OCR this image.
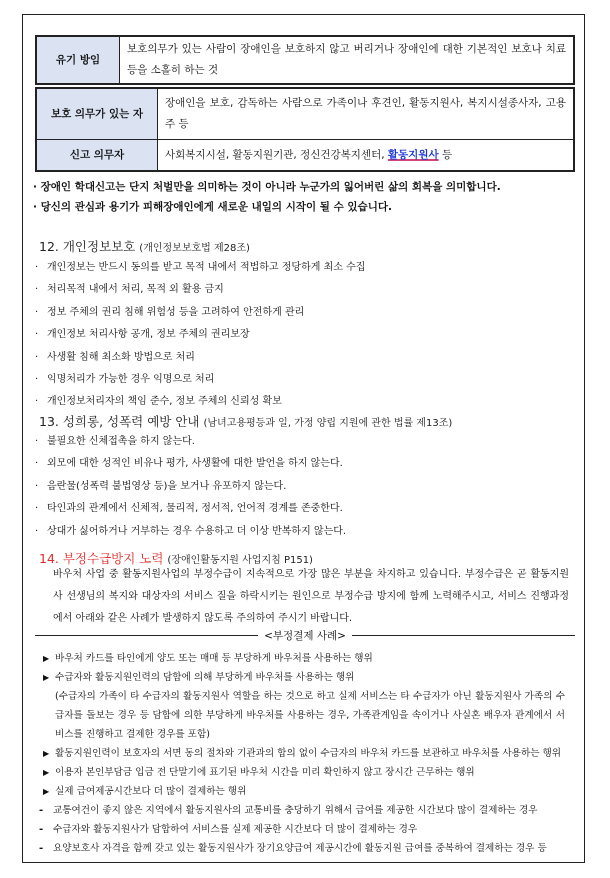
유기 방임	보호의무가 있는 사람이 장애인을 보호하지 않고 버리거나 장애인에 대한 기본적인 보호나 치료 등을 소홀히 하는 것
보호 의무가 있는 자	장애인을 보호, 감독하는 사람으로 가족이나 후견인, 활동지원사, 복지시설종사자, 고용주 등
신고 의무자	사회복지시설, 활동지원기관, 정신건강복지센터, 활동지원사 등
· 장애인 학대신고는 단지 처벌만을 의미하는 것이 아니라 누군가의 잃어버린 삶의 회복을 의미합니다.
· 당신의 관심과 용기가 피해장애인에게 새로운 내일의 시작이 될 수 있습니다.
12. 개인정보보호 (개인정보보호법 제28조)
· 개인정보는 반드시 동의를 받고 목적 내에서 적법하고 정당하게 최소 수집
· 처리목적 내에서 처리, 목적 외 활용 금지
· 정보 주체의 권리 침해 위험성 등을 고려하여 안전하게 관리
· 개인정보 처리사항 공개, 정보 주체의 권리보장
· 사생활 침해 최소화 방법으로 처리
· 익명처리가 가능한 경우 익명으로 처리
· 개인정보처리자의 책임 준수, 정보 주체의 신뢰성 확보
13. 성희롱, 성폭력 예방 안내 (남녀고용평등과 일, 가정 양립 지원에 관한 법률 제13조)
· 불필요한 신체접촉을 하지 않는다.
· 외모에 대한 성적인 비유나 평가, 사생활에 대한 발언을 하지 않는다.
· 음란물(성폭력 불법영상 등)을 보거나 유포하지 않는다.
· 타인과의 관계에서 신체적, 물리적, 정서적, 언어적 경계를 존중한다.
· 상대가 싫어하거나 거부하는 경우 수용하고 더 이상 반복하지 않는다.
14. 부정수급방지 노력 (장애인활동지원 사업지침 P151)
바우처 사업 중 활동지원사업의 부정수급이 지속적으로 가장 많은 부분을 차지하고 있습니다. 부정수급은 곧 활동지원사 선생님의 복지와 대상자의 서비스 질을 하락시키는 원인으로 부정수급 방지에 함께 노력해주시고, 서비스 진행과정에서 아래와 같은 사례가 발생하지 않도록 주의하여 주시기 바랍니다.
<부정결제 사례>
▶ 바우처 카드를 타인에게 양도 또는 매매 등 부당하게 바우처를 사용하는 행위
▶ 수급자와 활동지원인력의 담합에 의해 부당하게 바우처를 사용하는 행위
(수급자의 가족이 타 수급자의 활동지원사 역할을 하는 것으로 하고 실제 서비스는 타 수급자가 아닌 활동지원사 가족의 수급자를 돌보는 경우 등 담합에 의한 부당하게 바우처를 사용하는 경우, 가족관계임을 속이거나 사실혼 배우자 관계에서 서비스를 진행하고 결제한 경우를 포함)
▶ 활동지원인력이 보호자의 서면 동의 절차와 기관과의 합의 없이 수급자의 바우처 카드를 보관하고 바우처를 사용하는 행위
▶ 이용자 본인부담금 입금 전 단말기에 표기된 바우처 시간을 미리 확인하지 않고 장시간 근무하는 행위
▶ 실제 급여제공시간보다 더 많이 결제하는 행위
- 교통여건이 좋지 않은 지역에서 활동지원사의 교통비를 충당하기 위해서 급여를 제공한 시간보다 많이 결제하는 경우
- 수급자와 활동지원사가 담합하여 서비스를 실제 제공한 시간보다 더 많이 결제하는 경우
- 요양보호사 자격을 함께 갖고 있는 활동지원사가 장기요양급여 제공시간에 활동지원 급여를 중복하여 결제하는 경우 등
